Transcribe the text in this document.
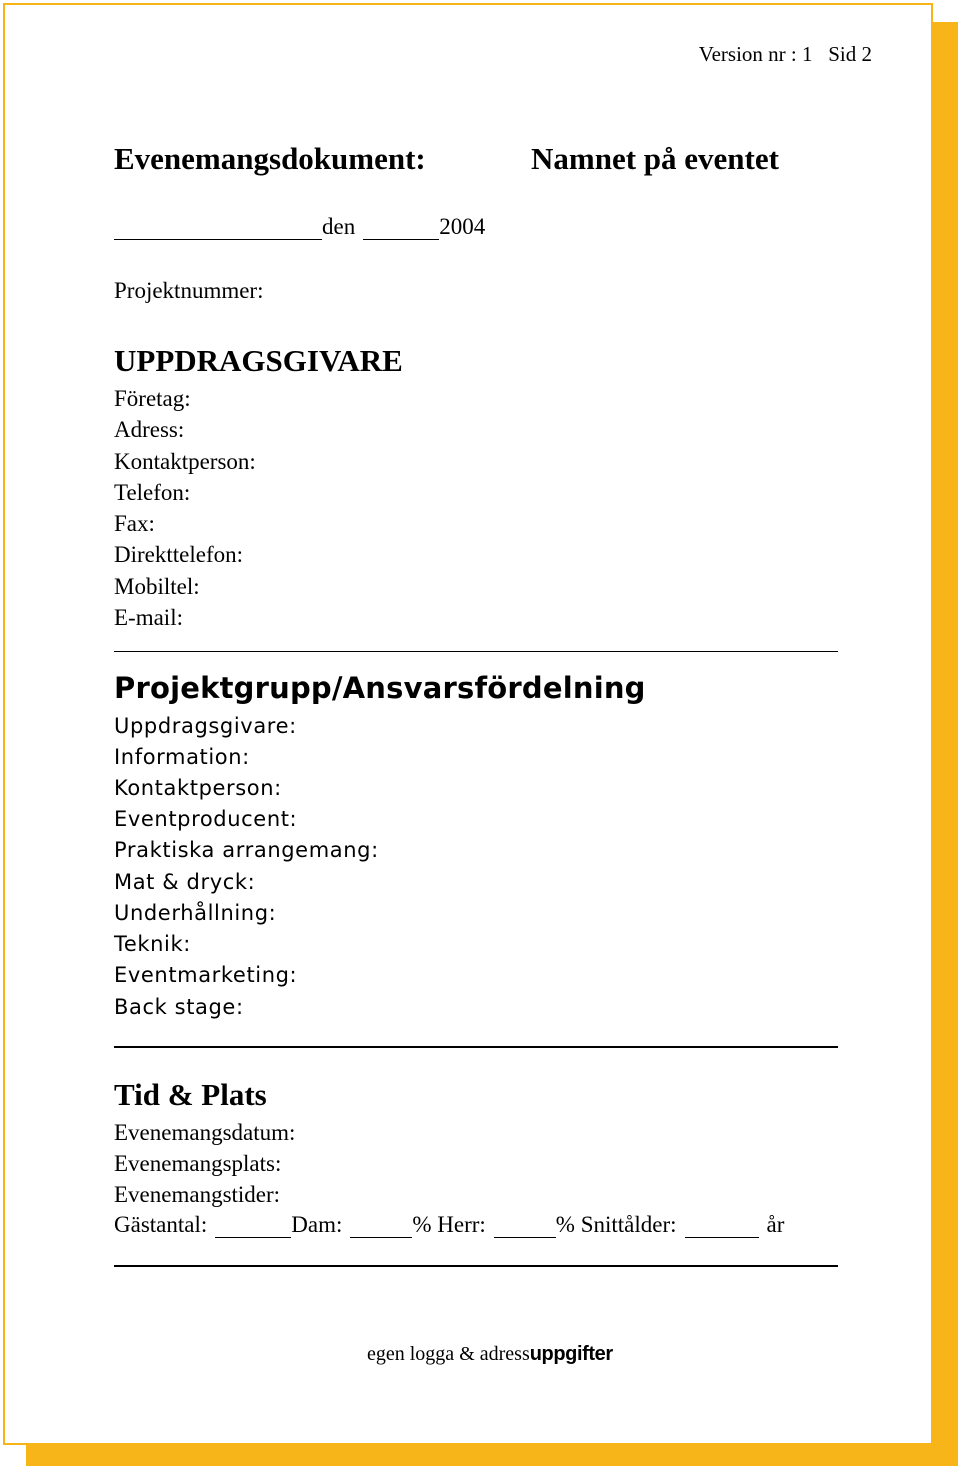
Version nr : 1   Sid 2
Evenemangsdokument:	Namnet på eventet
den	2004
Projektnummer:
UPPDRAGSGIVARE
Företag:
Adress:
Kontaktperson:
Telefon:
Fax:
Direkttelefon:
Mobiltel:
E-mail:
Projektgrupp/Ansvarsfördelning
Uppdragsgivare:
Information:
Kontaktperson:
Eventproducent:
Praktiska arrangemang:
Mat & dryck:
Underhållning:
Teknik:
Eventmarketing:
Back stage:
Tid & Plats
Evenemangsdatum:
Evenemangsplats:
Evenemangstider:
Gästantal:	Dam:	% Herr:	% Snittålder:	år
egen logga & adressuppgifter
